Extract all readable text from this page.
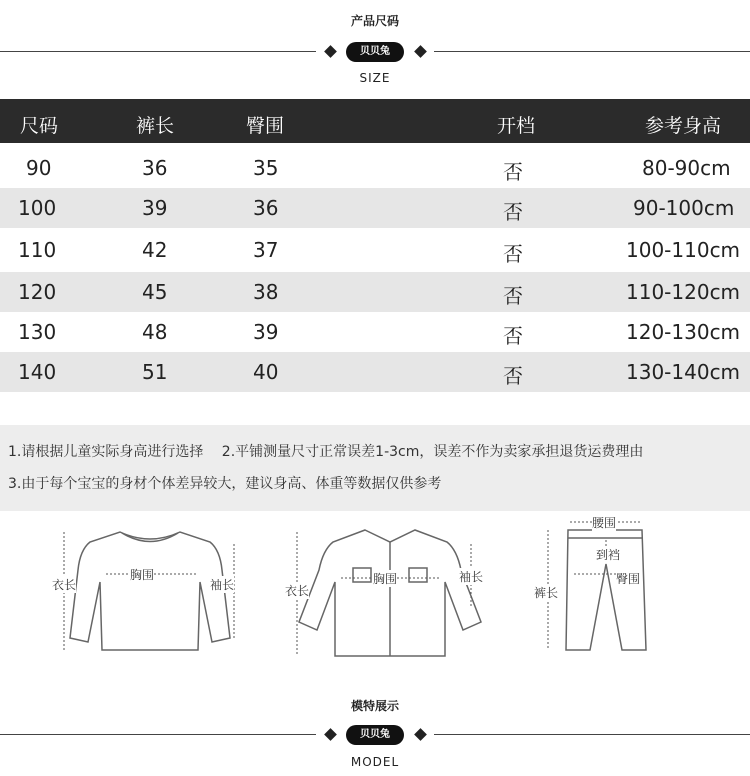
产品尺码
贝贝兔
SIZE
尺码	裤长	臀围	开档	参考身高
90	36	35	否	80-90cm
100	39	36	否	90-100cm
110	42	37	否	100-110cm
120	45	38	否	110-120cm
130	48	39	否	120-130cm
140	51	40	否	130-140cm

1.请根据儿童实际身高进行选择　 2.平铺测量尺寸正常误差1-3cm，误差不作为卖家承担退货运费理由

3.由于每个宝宝的身材个体差异较大，建议身高、体重等数据仅供参考

衣长
胸围
袖长	衣长
胸围	袖长
腰围
到裆
臀围
裤长
模特展示
贝贝兔
MODEL
